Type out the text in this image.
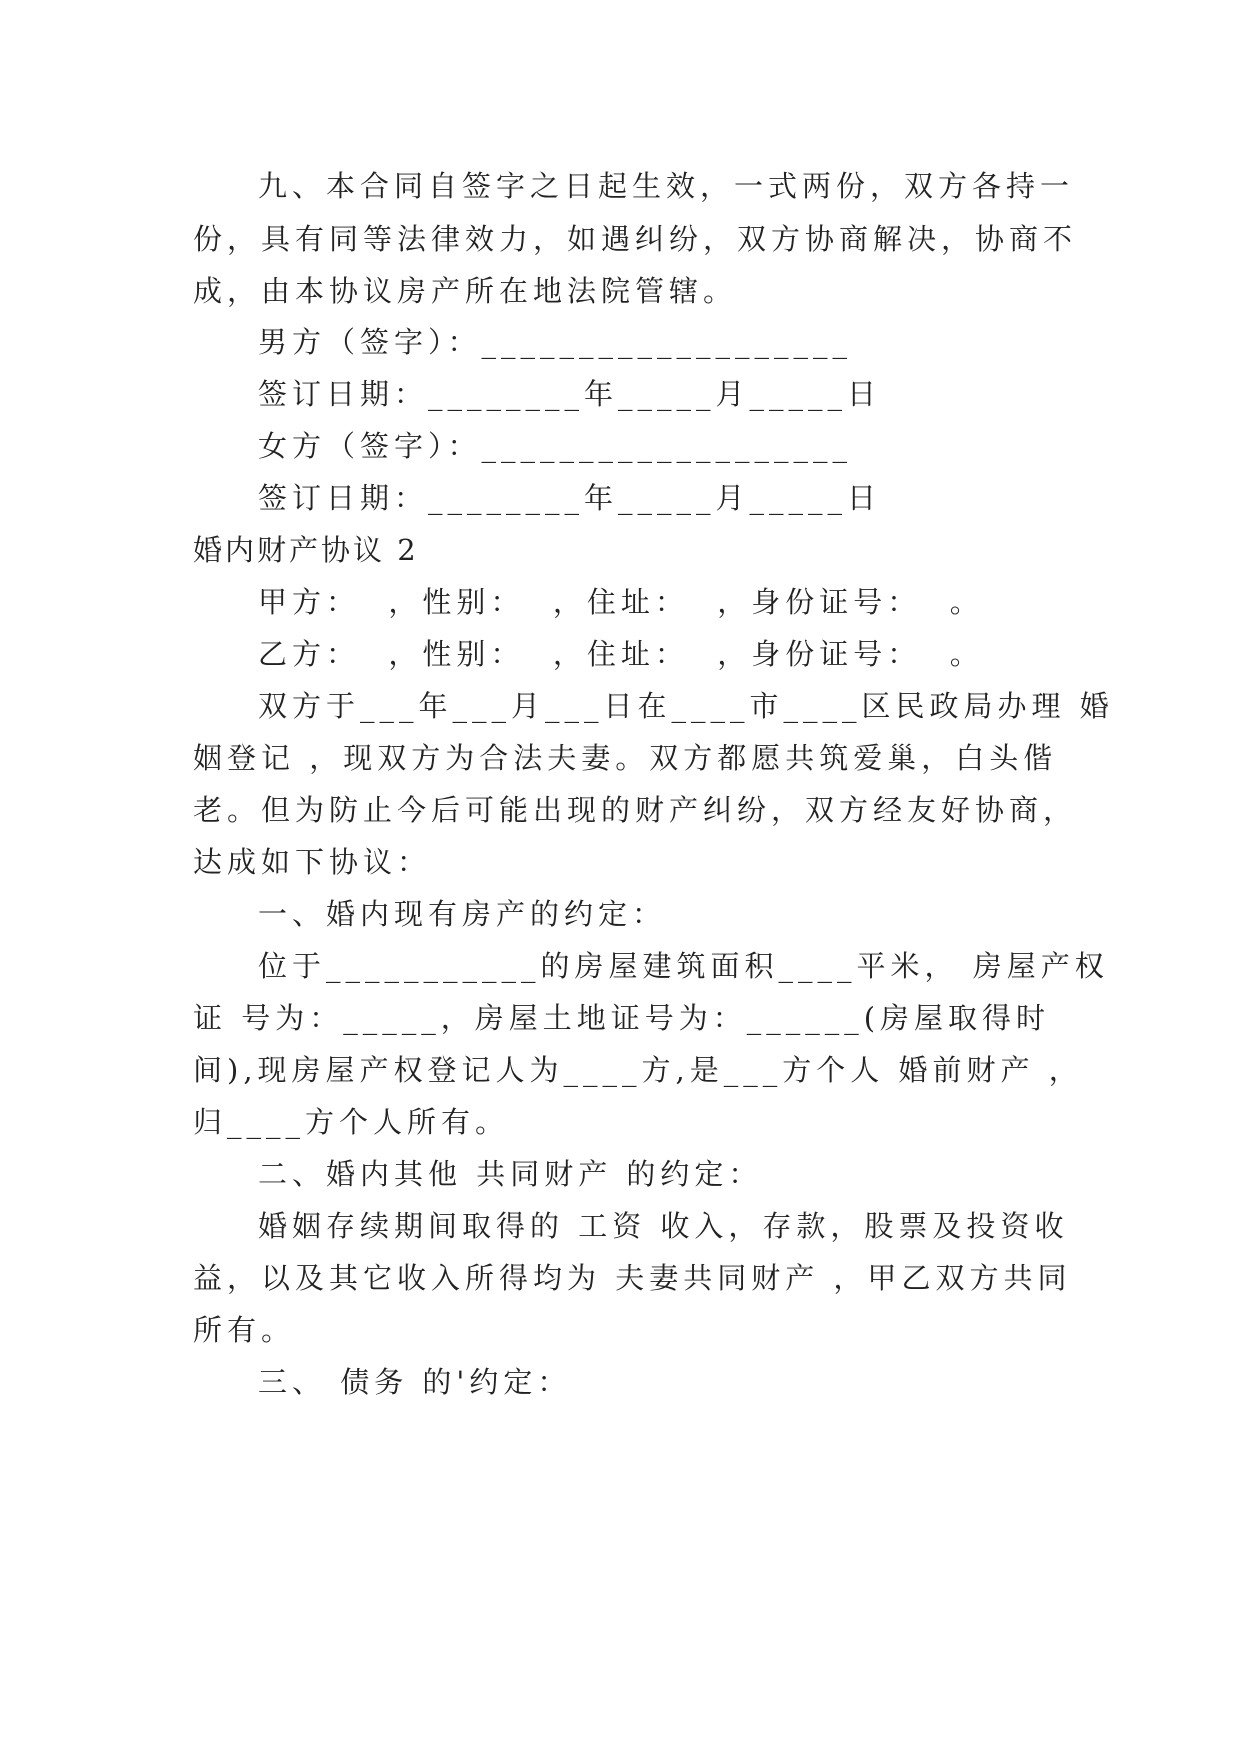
九、本合同自签字之日起生效，一式两份，双方各持一
份，具有同等法律效力，如遇纠纷，双方协商解决，协商不
成，由本协议房产所在地法院管辖。
男方（签字）：___________________
签订日期：________年_____月_____日
女方（签字）：___________________
签订日期：________年_____月_____日
婚内财产协议 2
甲方：  ，性别：  ，住址：  ，身份证号：  。
乙方：  ，性别：  ，住址：  ，身份证号：  。
双方于___年___月___日在____市____区民政局办理 婚
姻登记 ，现双方为合法夫妻。双方都愿共筑爱巢，白头偕
老。但为防止今后可能出现的财产纠纷，双方经友好协商，
达成如下协议：
一、婚内现有房产的约定：
位于___________的房屋建筑面积____平米， 房屋产权
证 号为：_____，房屋土地证号为：______(房屋取得时
间),现房屋产权登记人为____方,是___方个人 婚前财产 ，
归____方个人所有。
二、婚内其他 共同财产 的约定：
婚姻存续期间取得的 工资 收入，存款，股票及投资收
益，以及其它收入所得均为 夫妻共同财产 ，甲乙双方共同
所有。
三、 债务 的'约定：
